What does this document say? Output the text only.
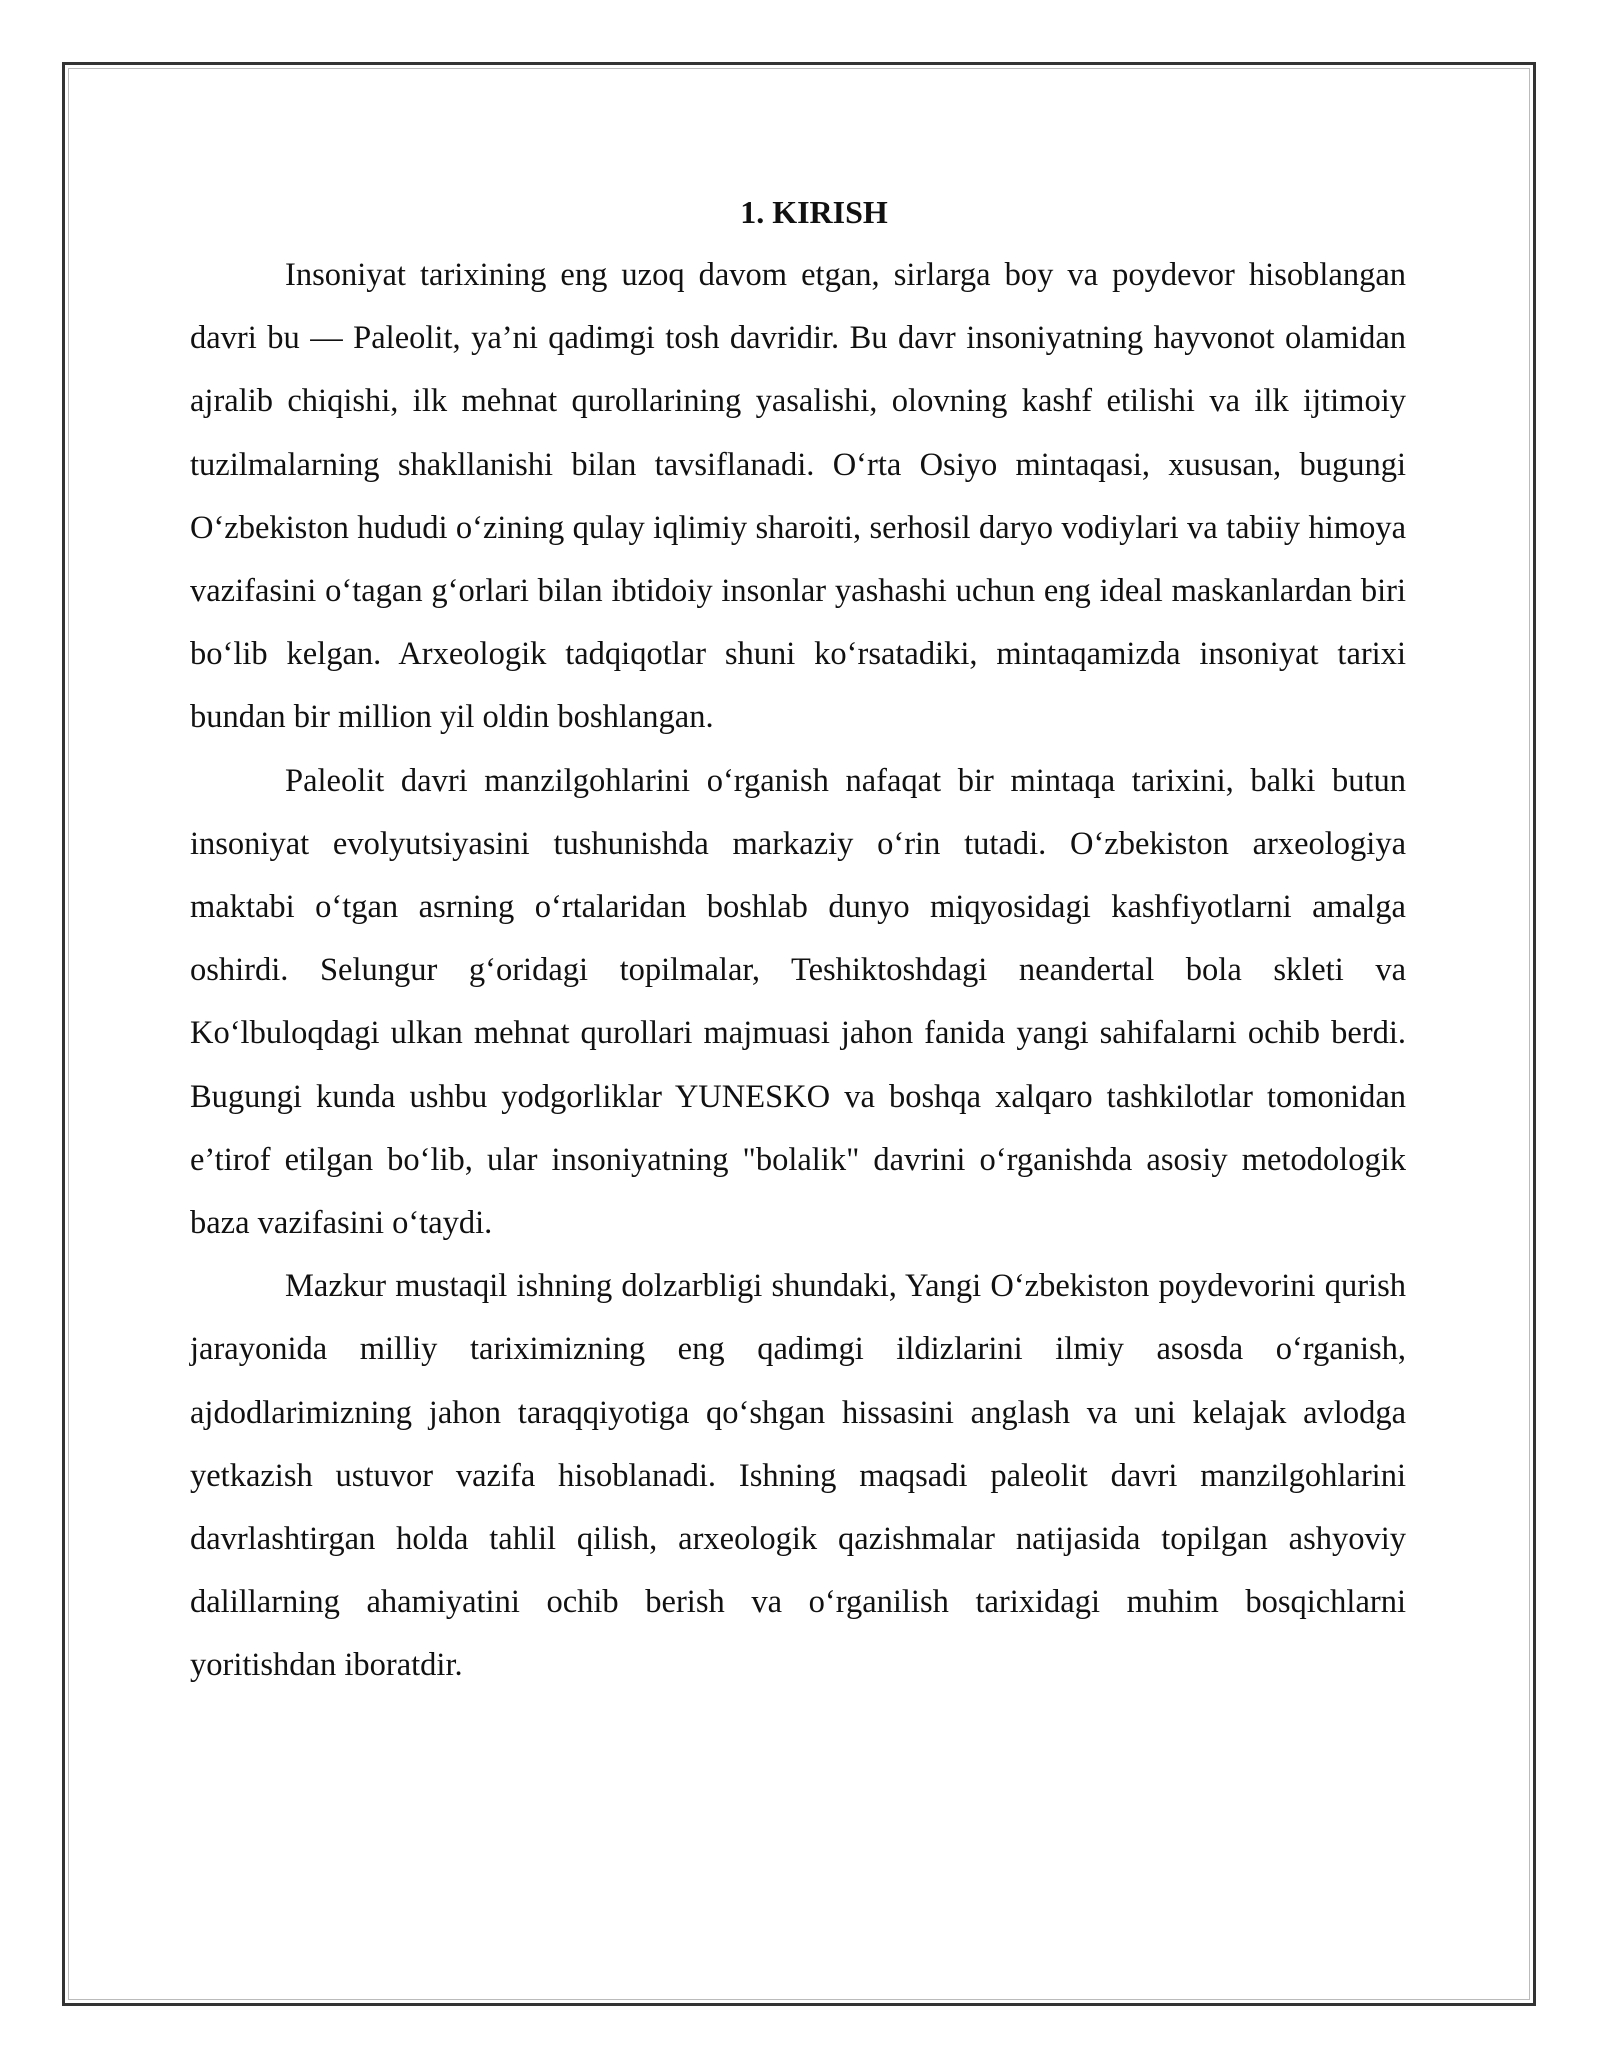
1. KIRISH

Insoniyat tarixining eng uzoq davom etgan, sirlarga boy va poydevor hisoblangan davri bu — Paleolit, ya’ni qadimgi tosh davridir. Bu davr insoniyatning hayvonot olamidan ajralib chiqishi, ilk mehnat qurollarining yasalishi, olovning kashf etilishi va ilk ijtimoiy tuzilmalarning shakllanishi bilan tavsiflanadi. O‘rta Osiyo mintaqasi, xususan, bugungi O‘zbekiston hududi o‘zining qulay iqlimiy sharoiti, serhosil daryo vodiylari va tabiiy himoya vazifasini o‘tagan g‘orlari bilan ibtidoiy insonlar yashashi uchun eng ideal maskanlardan biri bo‘lib kelgan. Arxeologik tadqiqotlar shuni ko‘rsatadiki, mintaqamizda insoniyat tarixi bundan bir million yil oldin boshlangan.

Paleolit davri manzilgohlarini o‘rganish nafaqat bir mintaqa tarixini, balki butun insoniyat evolyutsiyasini tushunishda markaziy o‘rin tutadi. O‘zbekiston arxeologiya maktabi o‘tgan asrning o‘rtalaridan boshlab dunyo miqyosidagi kashfiyotlarni amalga oshirdi. Selungur g‘oridagi topilmalar, Teshiktoshdagi neandertal bola skleti va Ko‘lbuloqdagi ulkan mehnat qurollari majmuasi jahon fanida yangi sahifalarni ochib berdi. Bugungi kunda ushbu yodgorliklar YUNESKO va boshqa xalqaro tashkilotlar tomonidan e’tirof etilgan bo‘lib, ular insoniyatning "bolalik" davrini o‘rganishda asosiy metodologik baza vazifasini o‘taydi.

Mazkur mustaqil ishning dolzarbligi shundaki, Yangi O‘zbekiston poydevorini qurish jarayonida milliy tariximizning eng qadimgi ildizlarini ilmiy asosda o‘rganish, ajdodlarimizning jahon taraqqiyotiga qo‘shgan hissasini anglash va uni kelajak avlodga yetkazish ustuvor vazifa hisoblanadi. Ishning maqsadi paleolit davri manzilgohlarini davrlashtirgan holda tahlil qilish, arxeologik qazishmalar natijasida topilgan ashyoviy dalillarning ahamiyatini ochib berish va o‘rganilish tarixidagi muhim bosqichlarni yoritishdan iboratdir.
